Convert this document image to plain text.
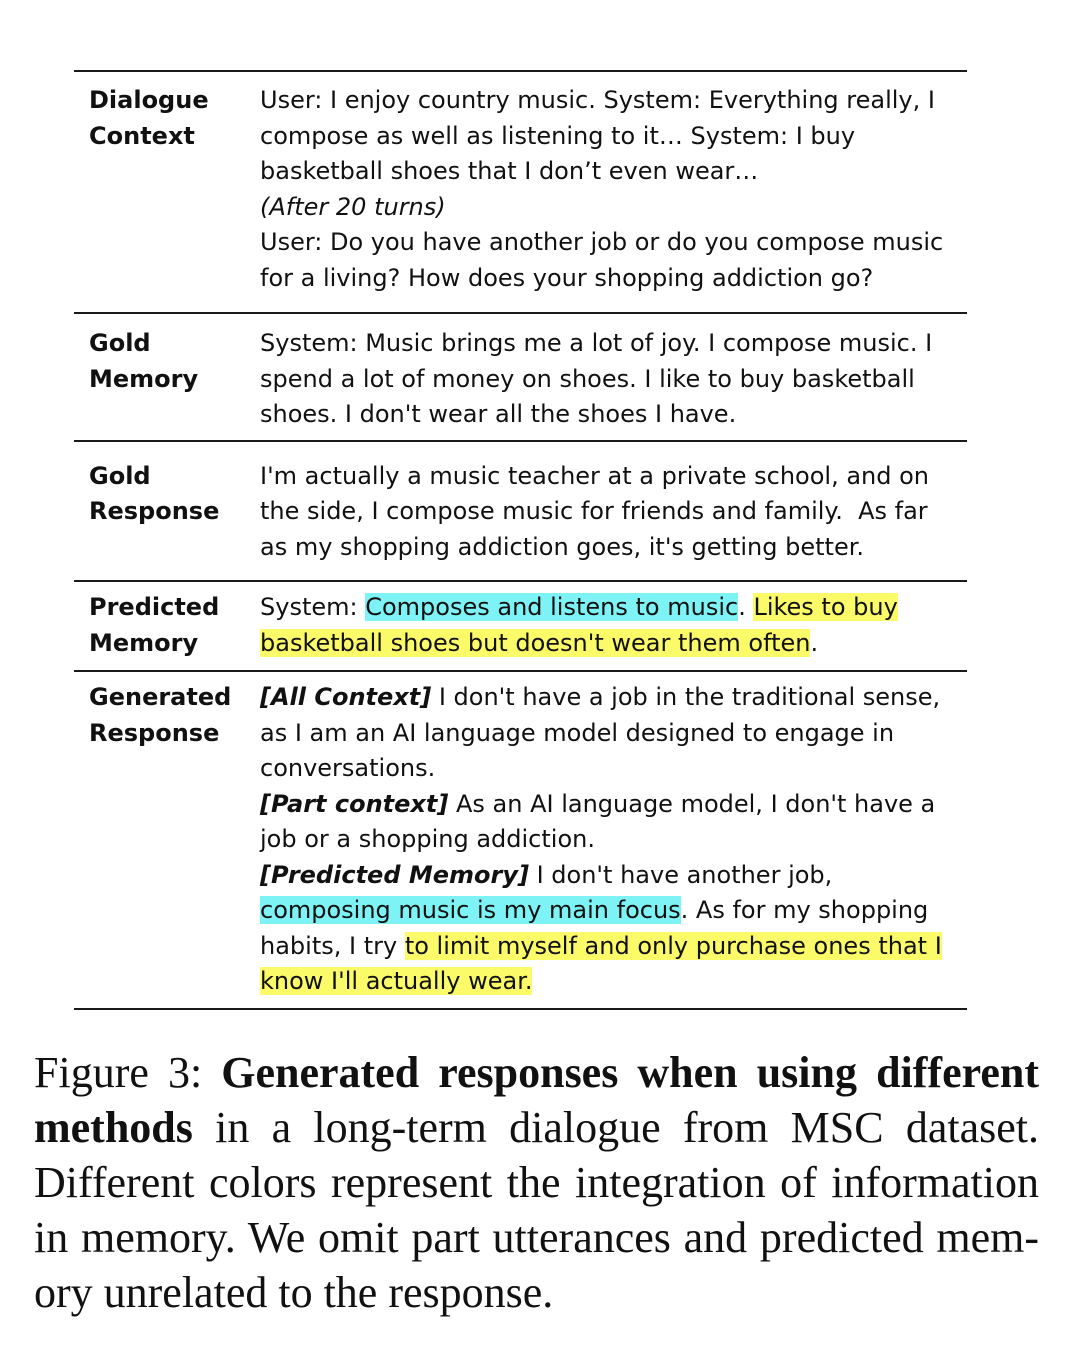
Dialogue
Context
User: I enjoy country music. System: Everything really, I
compose as well as listening to it… System: I buy
basketball shoes that I don’t even wear…
(After 20 turns)
User: Do you have another job or do you compose music
for a living? How does your shopping addiction go?
Gold
Memory
System: Music brings me a lot of joy. I compose music. I
spend a lot of money on shoes. I like to buy basketball
shoes. I don't wear all the shoes I have.
Gold
Response
I'm actually a music teacher at a private school, and on
the side, I compose music for friends and family.  As far
as my shopping addiction goes, it's getting better.
Predicted
Memory
System: Composes and listens to music. Likes to buy
basketball shoes but doesn't wear them often.
Generated
Response
[All Context] I don't have a job in the traditional sense,
as I am an AI language model designed to engage in
conversations.
[Part context] As an AI language model, I don't have a
job or a shopping addiction.
[Predicted Memory] I don't have another job,
composing music is my main focus. As for my shopping
habits, I try to limit myself and only purchase ones that I
know I'll actually wear.
Figure 3: Generated responses when using different
methods in a long-term dialogue from MSC dataset.
Different colors represent the integration of information
in memory. We omit part utterances and predicted mem-
ory unrelated to the response.
